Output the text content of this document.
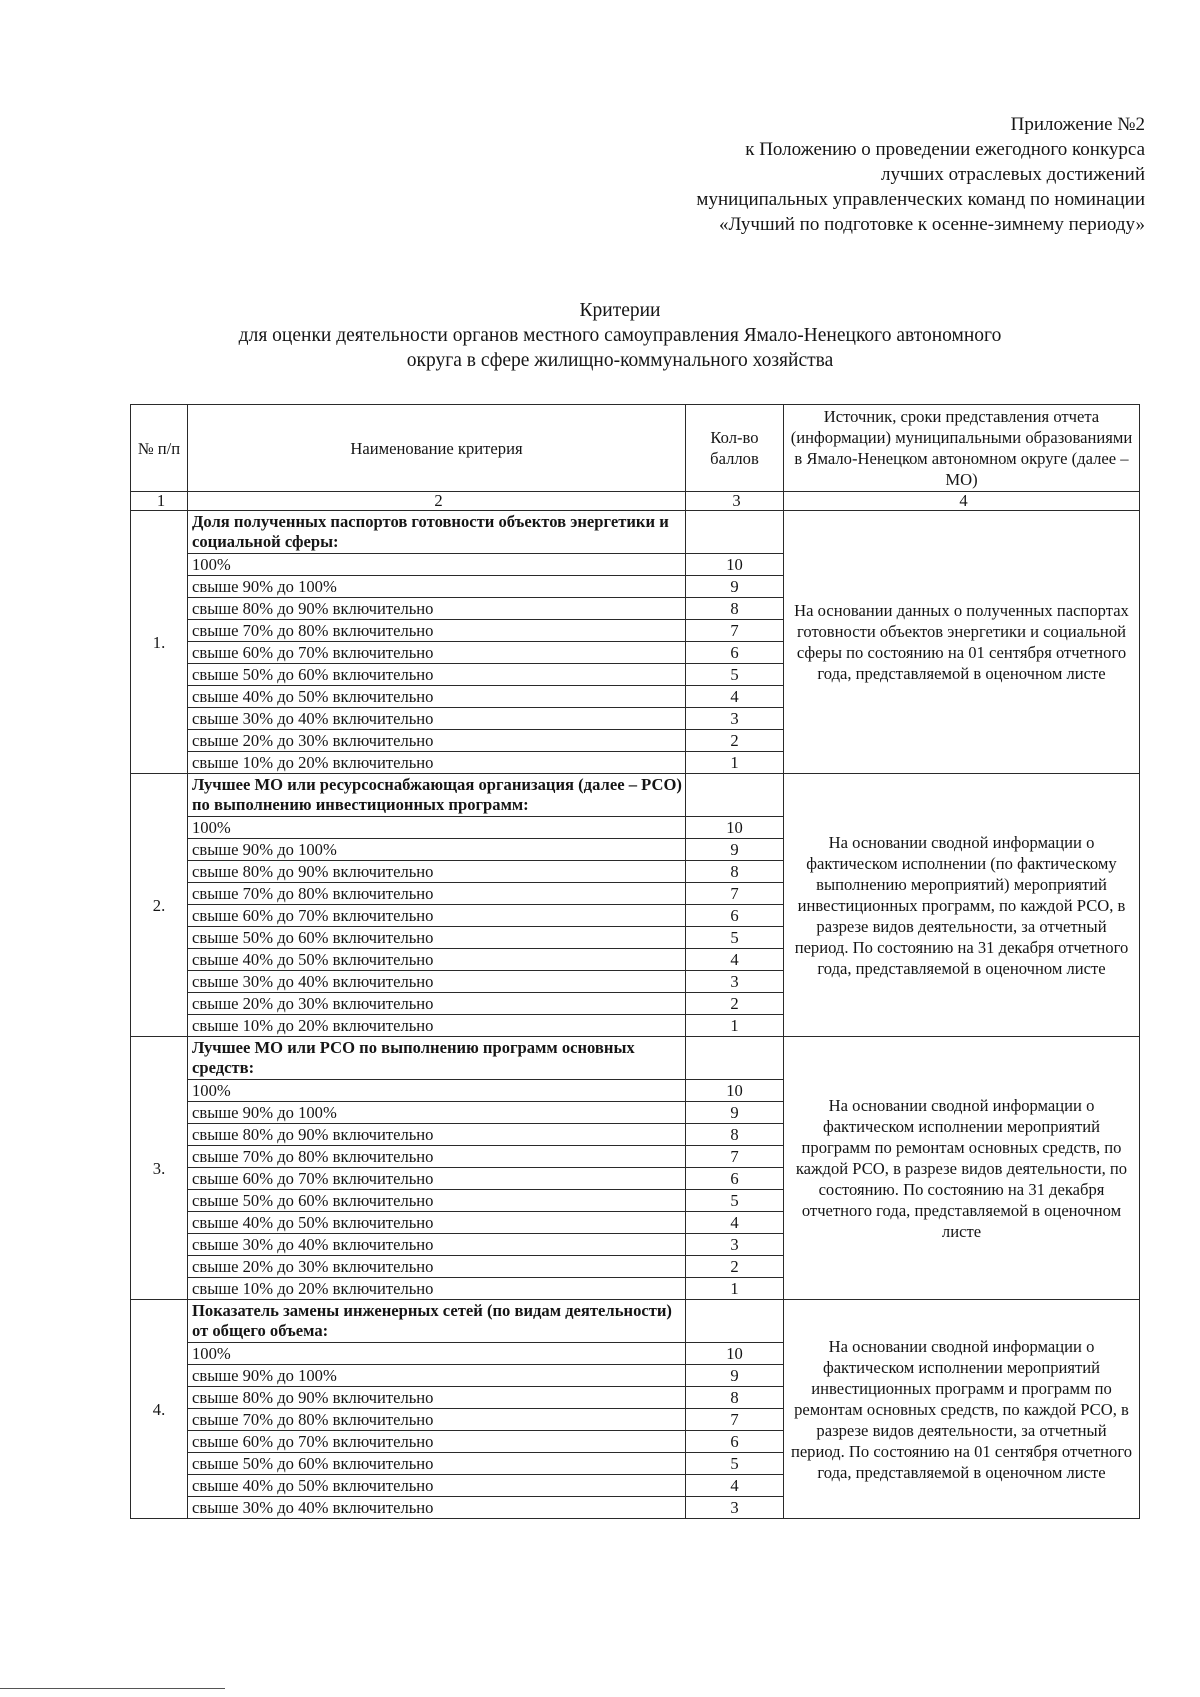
Приложение №2
к Положению о проведении ежегодного конкурса
лучших отраслевых достижений
муниципальных управленческих команд по номинации
«Лучший по подготовке к осенне-зимнему периоду»
Критерии
для оценки деятельности органов местного самоуправления Ямало-Ненецкого автономного
округа в сфере жилищно-коммунального хозяйства
№ п/п	Наименование критерия	Кол-во баллов	Источник, сроки представления отчета (информации) муниципальными образованиями в Ямало-Ненецком автономном округе (далее – МО)
1	2	3	4
1.	Доля полученных паспортов готовности объектов энергетики и социальной сферы:		На основании данных о полученных паспортах готовности объектов энергетики и социальной сферы по состоянию на 01 сентября отчетного года, представляемой в оценочном листе
	100%	10	
	свыше 90% до 100%	9	
	свыше 80% до 90% включительно	8	
	свыше 70% до 80% включительно	7	
	свыше 60% до 70% включительно	6	
	свыше 50% до 60% включительно	5	
	свыше 40% до 50% включительно	4	
	свыше 30% до 40% включительно	3	
	свыше 20% до 30% включительно	2	
	свыше 10% до 20% включительно	1	
2.	Лучшее МО или ресурсоснабжающая организация (далее – РСО) по выполнению инвестиционных программ:		На основании сводной информации о фактическом исполнении (по фактическому выполнению мероприятий) мероприятий инвестиционных программ, по каждой РСО, в разрезе видов деятельности, за отчетный период. По состоянию на 31 декабря отчетного года, представляемой в оценочном листе
	100%	10	
	свыше 90% до 100%	9	
	свыше 80% до 90% включительно	8	
	свыше 70% до 80% включительно	7	
	свыше 60% до 70% включительно	6	
	свыше 50% до 60% включительно	5	
	свыше 40% до 50% включительно	4	
	свыше 30% до 40% включительно	3	
	свыше 20% до 30% включительно	2	
	свыше 10% до 20% включительно	1	
3.	Лучшее МО или РСО по выполнению программ основных средств:		На основании сводной информации о фактическом исполнении мероприятий программ по ремонтам основных средств, по каждой РСО, в разрезе видов деятельности, по состоянию. По состоянию на 31 декабря отчетного года, представляемой в оценочном листе
	100%	10	
	свыше 90% до 100%	9	
	свыше 80% до 90% включительно	8	
	свыше 70% до 80% включительно	7	
	свыше 60% до 70% включительно	6	
	свыше 50% до 60% включительно	5	
	свыше 40% до 50% включительно	4	
	свыше 30% до 40% включительно	3	
	свыше 20% до 30% включительно	2	
	свыше 10% до 20% включительно	1	
4.	Показатель замены инженерных сетей (по видам деятельности) от общего объема:		На основании сводной информации о фактическом исполнении мероприятий инвестиционных программ и программ по ремонтам основных средств, по каждой РСО, в разрезе видов деятельности, за отчетный период. По состоянию на 01 сентября отчетного года, представляемой в оценочном листе
	100%	10	
	свыше 90% до 100%	9	
	свыше 80% до 90% включительно	8	
	свыше 70% до 80% включительно	7	
	свыше 60% до 70% включительно	6	
	свыше 50% до 60% включительно	5	
	свыше 40% до 50% включительно	4	
	свыше 30% до 40% включительно	3	
